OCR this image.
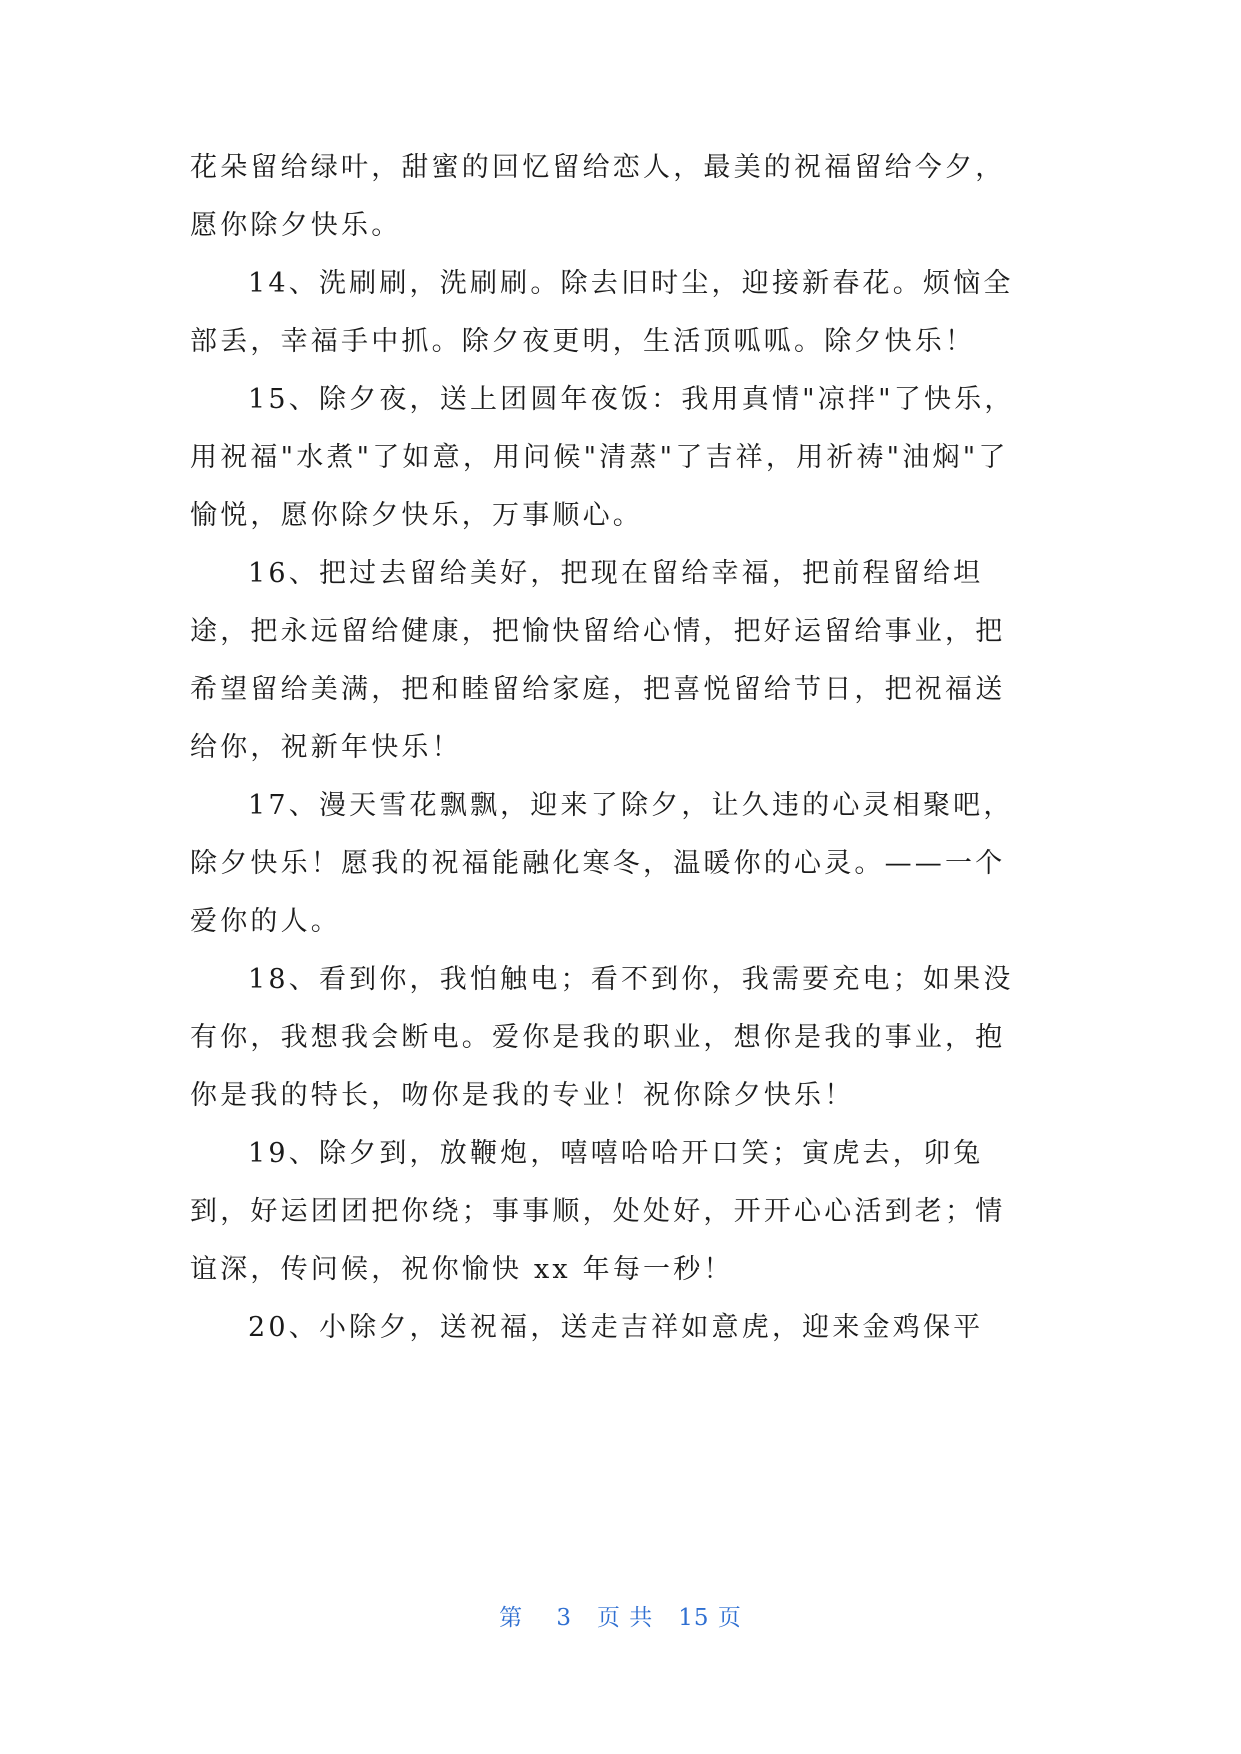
花朵留给绿叶，甜蜜的回忆留给恋人，最美的祝福留给今夕，
愿你除夕快乐。
14、洗刷刷，洗刷刷。除去旧时尘，迎接新春花。烦恼全
部丢，幸福手中抓。除夕夜更明，生活顶呱呱。除夕快乐！
15、除夕夜，送上团圆年夜饭：我用真情"凉拌"了快乐，
用祝福"水煮"了如意，用问候"清蒸"了吉祥，用祈祷"油焖"了
愉悦，愿你除夕快乐，万事顺心。
16、把过去留给美好，把现在留给幸福，把前程留给坦
途，把永远留给健康，把愉快留给心情，把好运留给事业，把
希望留给美满，把和睦留给家庭，把喜悦留给节日，把祝福送
给你，祝新年快乐！
17、漫天雪花飘飘，迎来了除夕，让久违的心灵相聚吧，
除夕快乐！愿我的祝福能融化寒冬，温暖你的心灵。——一个
爱你的人。
18、看到你，我怕触电；看不到你，我需要充电；如果没
有你，我想我会断电。爱你是我的职业，想你是我的事业，抱
你是我的特长，吻你是我的专业！祝你除夕快乐！
19、除夕到，放鞭炮，嘻嘻哈哈开口笑；寅虎去，卯兔
到，好运团团把你绕；事事顺，处处好，开开心心活到老；情
谊深，传问候，祝你愉快 xx 年每一秒！
20、小除夕，送祝福，送走吉祥如意虎，迎来金鸡保平
第 3 页 共 15 页
